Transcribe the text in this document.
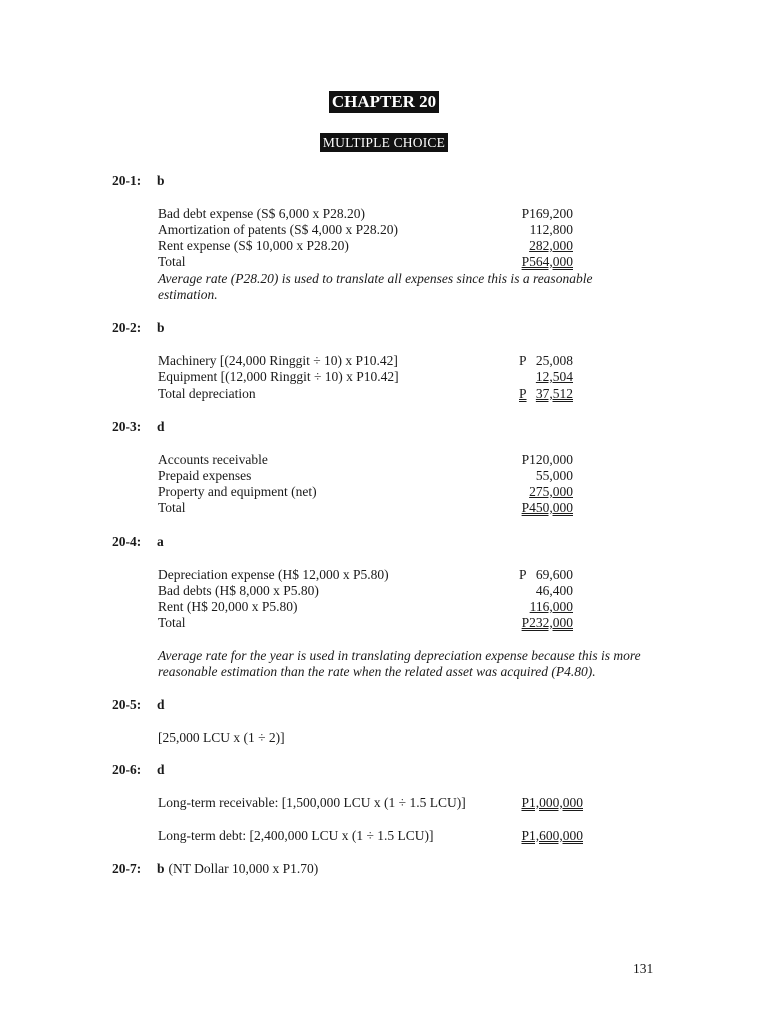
CHAPTER 20
MULTIPLE CHOICE
20-1: b
Bad debt expense (S$ 6,000 x P28.20)	P169,200
Amortization of patents (S$ 4,000 x P28.20)	112,800
Rent expense (S$ 10,000 x P28.20)	282,000
Total	P564,000
Average rate (P28.20) is used to translate all expenses since this is a reasonable estimation.
20-2: b
Machinery [(24,000 Ringgit ÷ 10) x P10.42]	P 25,008
Equipment [(12,000 Ringgit ÷ 10) x P10.42]	12,504
Total depreciation	P 37,512
20-3: d
Accounts receivable	P120,000
Prepaid expenses	55,000
Property and equipment (net)	275,000
Total	P450,000
20-4: a
Depreciation expense (H$ 12,000 x P5.80)	P 69,600
Bad debts (H$ 8,000 x P5.80)	46,400
Rent (H$ 20,000 x P5.80)	116,000
Total	P232,000
Average rate for the year is used in translating depreciation expense because this is more reasonable estimation than the rate when the related asset was acquired (P4.80).
20-5: d
[25,000 LCU x (1 ÷ 2)]
20-6: d
Long-term receivable: [1,500,000 LCU x (1 ÷ 1.5 LCU)]	P1,000,000
Long-term debt: [2,400,000 LCU x (1 ÷ 1.5 LCU)]	P1,600,000
20-7: b (NT Dollar 10,000 x P1.70)
131
